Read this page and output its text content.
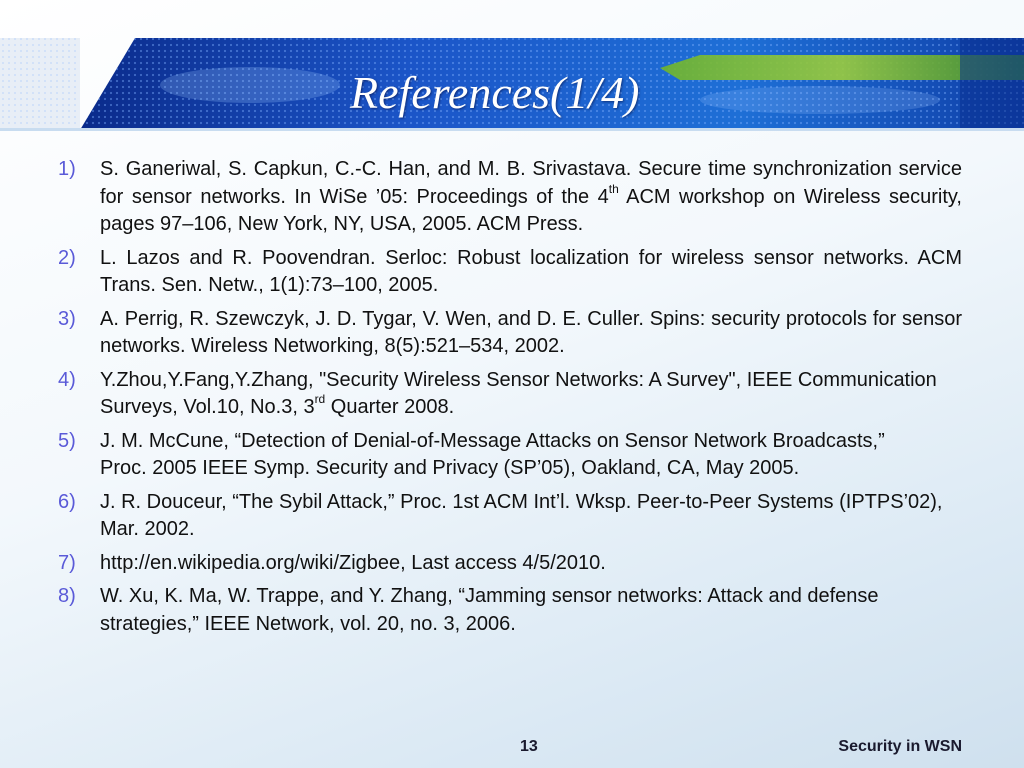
References(1/4)
1)	S. Ganeriwal, S. Capkun, C.-C. Han, and M. B. Srivastava. Secure time synchronization service for sensor networks. In WiSe ’05: Proceedings of the 4th ACM workshop on Wireless security, pages 97–106, New York, NY, USA, 2005. ACM Press.
2)	L. Lazos and R. Poovendran. Serloc: Robust localization for wireless sensor networks. ACM Trans. Sen. Netw., 1(1):73–100, 2005.
3)	A. Perrig, R. Szewczyk, J. D. Tygar, V. Wen, and D. E. Culler. Spins: security protocols for sensor networks. Wireless Networking, 8(5):521–534, 2002.
4)	Y.Zhou,Y.Fang,Y.Zhang, "Security Wireless Sensor Networks: A Survey", IEEE Communication Surveys, Vol.10, No.3, 3rd Quarter 2008.
5)	J. M. McCune, “Detection of Denial-of-Message Attacks on Sensor Network Broadcasts,” Proc. 2005 IEEE Symp. Security and Privacy (SP’05), Oakland, CA, May 2005.
6)	J. R. Douceur, “The Sybil Attack,” Proc. 1st ACM Int’l. Wksp. Peer-to-Peer Systems (IPTPS’02), Mar. 2002.
7)	http://en.wikipedia.org/wiki/Zigbee, Last access 4/5/2010.
8)	W. Xu, K. Ma, W. Trappe, and Y. Zhang, “Jamming sensor networks: Attack and defense strategies,” IEEE Network, vol. 20, no. 3, 2006.
13	Security in WSN
